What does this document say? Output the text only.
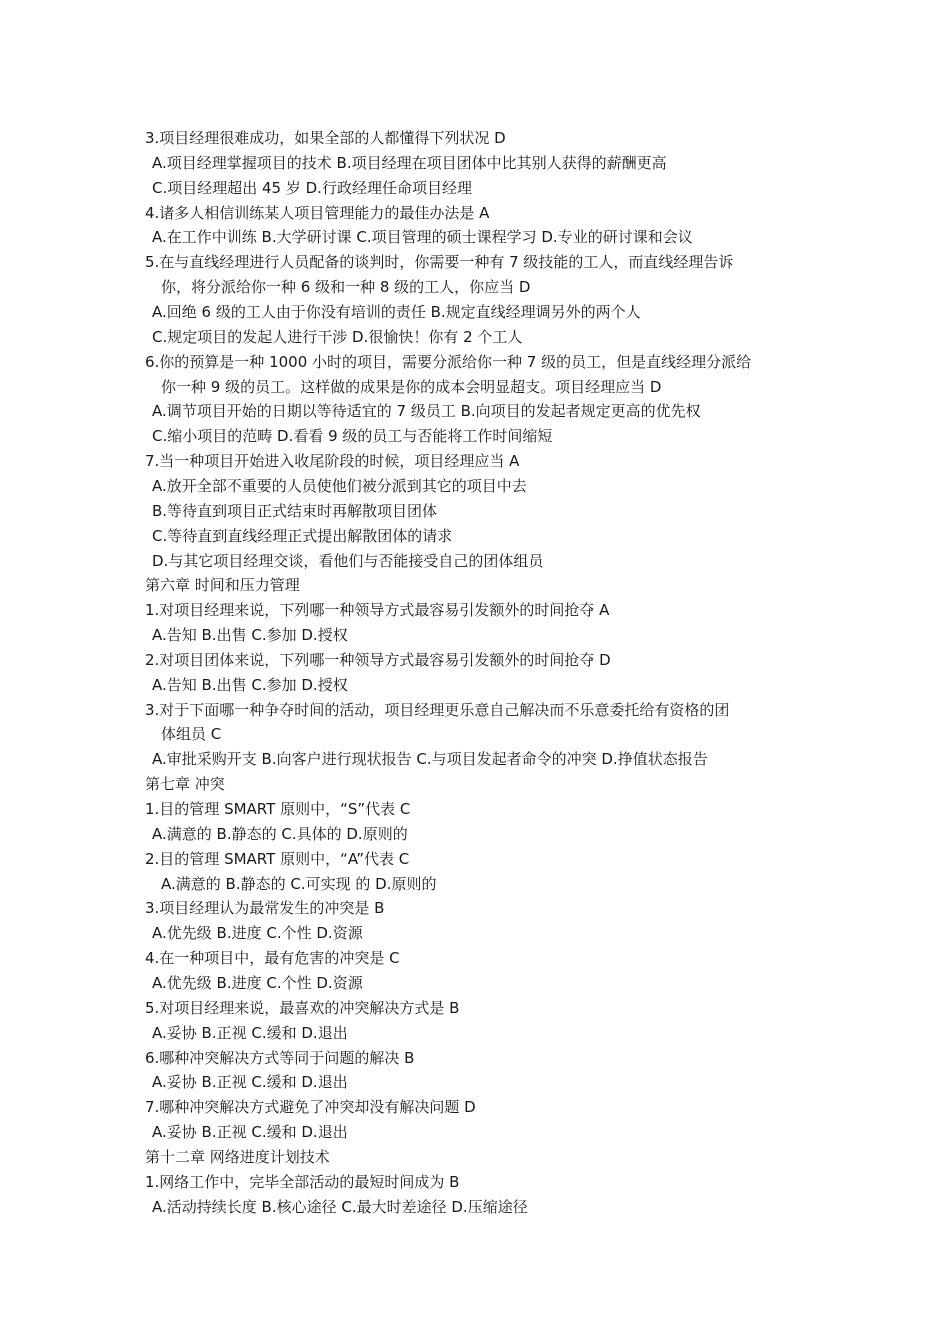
3.项目经理很难成功，如果全部的人都懂得下列状况 D
A.项目经理掌握项目的技术 B.项目经理在项目团体中比其别人获得的薪酬更高
C.项目经理超出 45 岁 D.行政经理任命项目经理
4.诸多人相信训练某人项目管理能力的最佳办法是 A
A.在工作中训练 B.大学研讨课 C.项目管理的硕士课程学习 D.专业的研讨课和会议
5.在与直线经理进行人员配备的谈判时，你需要一种有 7 级技能的工人，而直线经理告诉
你，将分派给你一种 6 级和一种 8 级的工人，你应当 D
A.回绝 6 级的工人由于你没有培训的责任 B.规定直线经理调另外的两个人
C.规定项目的发起人进行干涉 D.很愉快！你有 2 个工人
6.你的预算是一种 1000 小时的项目，需要分派给你一种 7 级的员工，但是直线经理分派给
你一种 9 级的员工。这样做的成果是你的成本会明显超支。项目经理应当 D
A.调节项目开始的日期以等待适宜的 7 级员工 B.向项目的发起者规定更高的优先权
C.缩小项目的范畴 D.看看 9 级的员工与否能将工作时间缩短
7.当一种项目开始进入收尾阶段的时候，项目经理应当 A
A.放开全部不重要的人员使他们被分派到其它的项目中去
B.等待直到项目正式结束时再解散项目团体
C.等待直到直线经理正式提出解散团体的请求
D.与其它项目经理交谈，看他们与否能接受自己的团体组员
第六章 时间和压力管理
1.对项目经理来说，下列哪一种领导方式最容易引发额外的时间抢夺 A
A.告知 B.出售 C.参加 D.授权
2.对项目团体来说，下列哪一种领导方式最容易引发额外的时间抢夺 D
A.告知 B.出售 C.参加 D.授权
3.对于下面哪一种争夺时间的活动，项目经理更乐意自己解决而不乐意委托给有资格的团
体组员 C
A.审批采购开支 B.向客户进行现状报告 C.与项目发起者命令的冲突 D.挣值状态报告
第七章 冲突
1.目的管理 SMART 原则中，“S”代表 C
A.满意的 B.静态的 C.具体的 D.原则的
2.目的管理 SMART 原则中，“A”代表 C
A.满意的 B.静态的 C.可实现 的 D.原则的
3.项目经理认为最常发生的冲突是 B
A.优先级 B.进度 C.个性 D.资源
4.在一种项目中，最有危害的冲突是 C
A.优先级 B.进度 C.个性 D.资源
5.对项目经理来说，最喜欢的冲突解决方式是 B
A.妥协 B.正视 C.缓和 D.退出
6.哪种冲突解决方式等同于问题的解决 B
A.妥协 B.正视 C.缓和 D.退出
7.哪种冲突解决方式避免了冲突却没有解决问题 D
A.妥协 B.正视 C.缓和 D.退出
第十二章 网络进度计划技术
1.网络工作中，完毕全部活动的最短时间成为 B
A.活动持续长度 B.核心途径 C.最大时差途径 D.压缩途径
